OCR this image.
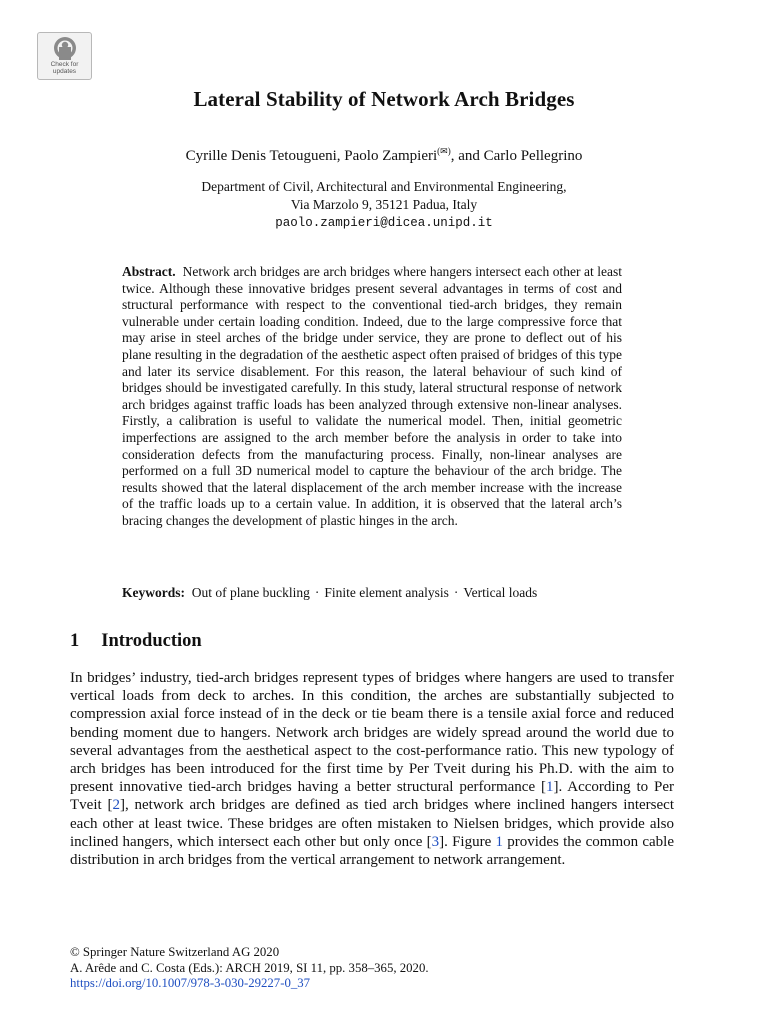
Check for
updates
Lateral Stability of Network Arch Bridges
Cyrille Denis Tetougueni, Paolo Zampieri(✉), and Carlo Pellegrino
Department of Civil, Architectural and Environmental Engineering,
Via Marzolo 9, 35121 Padua, Italy
paolo.zampieri@dicea.unipd.it
Abstract. Network arch bridges are arch bridges where hangers intersect each other at least twice. Although these innovative bridges present several advantages in terms of cost and structural performance with respect to the conventional tied-arch bridges, they remain vulnerable under certain loading condition. Indeed, due to the large compressive force that may arise in steel arches of the bridge under service, they are prone to deflect out of his plane resulting in the degradation of the aesthetic aspect often praised of bridges of this type and later its service disablement. For this reason, the lateral behaviour of such kind of bridges should be investigated carefully. In this study, lateral structural response of network arch bridges against traffic loads has been analyzed through extensive non-linear analyses. Firstly, a calibration is useful to validate the numerical model. Then, initial geometric imperfections are assigned to the arch member before the analysis in order to take into consideration defects from the manufacturing process. Finally, non-linear analyses are performed on a full 3D numerical model to capture the behaviour of the arch bridge. The results showed that the lateral displacement of the arch member increase with the increase of the traffic loads up to a certain value. In addition, it is observed that the lateral arch’s bracing changes the development of plastic hinges in the arch.
Keywords: Out of plane buckling · Finite element analysis · Vertical loads
1 Introduction
In bridges’ industry, tied-arch bridges represent types of bridges where hangers are used to transfer vertical loads from deck to arches. In this condition, the arches are substantially subjected to compression axial force instead of in the deck or tie beam there is a tensile axial force and reduced bending moment due to hangers. Network arch bridges are widely spread around the world due to several advantages from the aesthetical aspect to the cost-performance ratio. This new typology of arch bridges has been introduced for the first time by Per Tveit during his Ph.D. with the aim to present innovative tied-arch bridges having a better structural performance [1]. According to Per Tveit [2], network arch bridges are defined as tied arch bridges where inclined hangers intersect each other at least twice. These bridges are often mistaken to Nielsen bridges, which provide also inclined hangers, which intersect each other but only once [3]. Figure 1 provides the common cable distribution in arch bridges from the vertical arrangement to network arrangement.
© Springer Nature Switzerland AG 2020
A. Arêde and C. Costa (Eds.): ARCH 2019, SI 11, pp. 358–365, 2020.
https://doi.org/10.1007/978-3-030-29227-0_37
